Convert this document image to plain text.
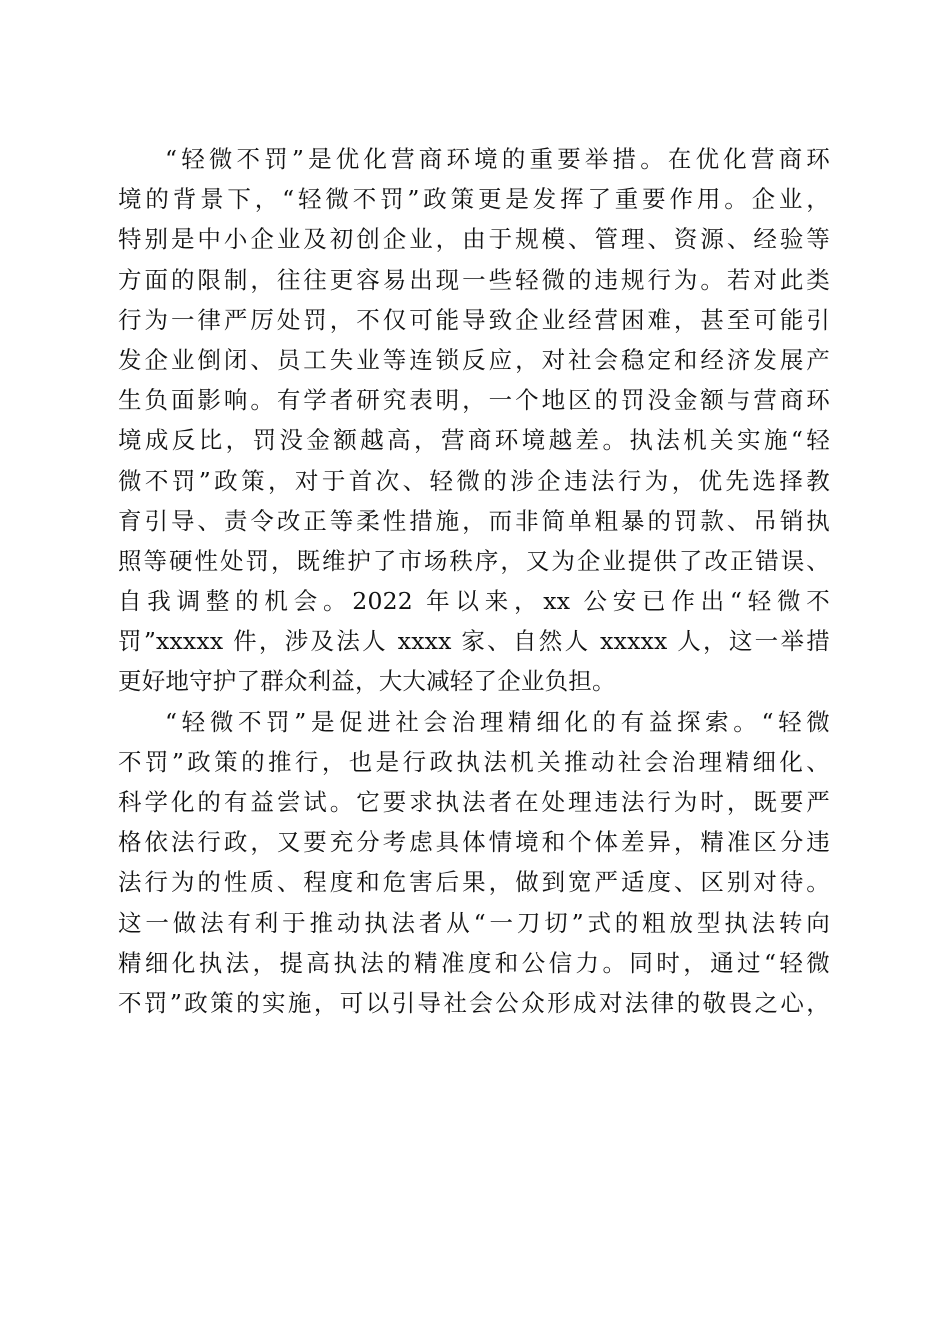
“轻微不罚”是优化营商环境的重要举措。在优化营商环
境的背景下，“轻微不罚”政策更是发挥了重要作用。企业，
特别是中小企业及初创企业，由于规模、管理、资源、经验等
方面的限制，往往更容易出现一些轻微的违规行为。若对此类
行为一律严厉处罚，不仅可能导致企业经营困难，甚至可能引
发企业倒闭、员工失业等连锁反应，对社会稳定和经济发展产
生负面影响。有学者研究表明，一个地区的罚没金额与营商环
境成反比，罚没金额越高，营商环境越差。执法机关实施“轻
微不罚”政策，对于首次、轻微的涉企违法行为，优先选择教
育引导、责令改正等柔性措施，而非简单粗暴的罚款、吊销执
照等硬性处罚，既维护了市场秩序，又为企业提供了改正错误、
自我调整的机会。2022 年以来，xx 公安已作出“轻微不
罚”xxxxx 件，涉及法人 xxxx 家、自然人 xxxxx 人，这一举措
更好地守护了群众利益，大大减轻了企业负担。
“轻微不罚”是促进社会治理精细化的有益探索。“轻微
不罚”政策的推行，也是行政执法机关推动社会治理精细化、
科学化的有益尝试。它要求执法者在处理违法行为时，既要严
格依法行政，又要充分考虑具体情境和个体差异，精准区分违
法行为的性质、程度和危害后果，做到宽严适度、区别对待。
这一做法有利于推动执法者从“一刀切”式的粗放型执法转向
精细化执法，提高执法的精准度和公信力。同时，通过“轻微
不罚”政策的实施，可以引导社会公众形成对法律的敬畏之心，
